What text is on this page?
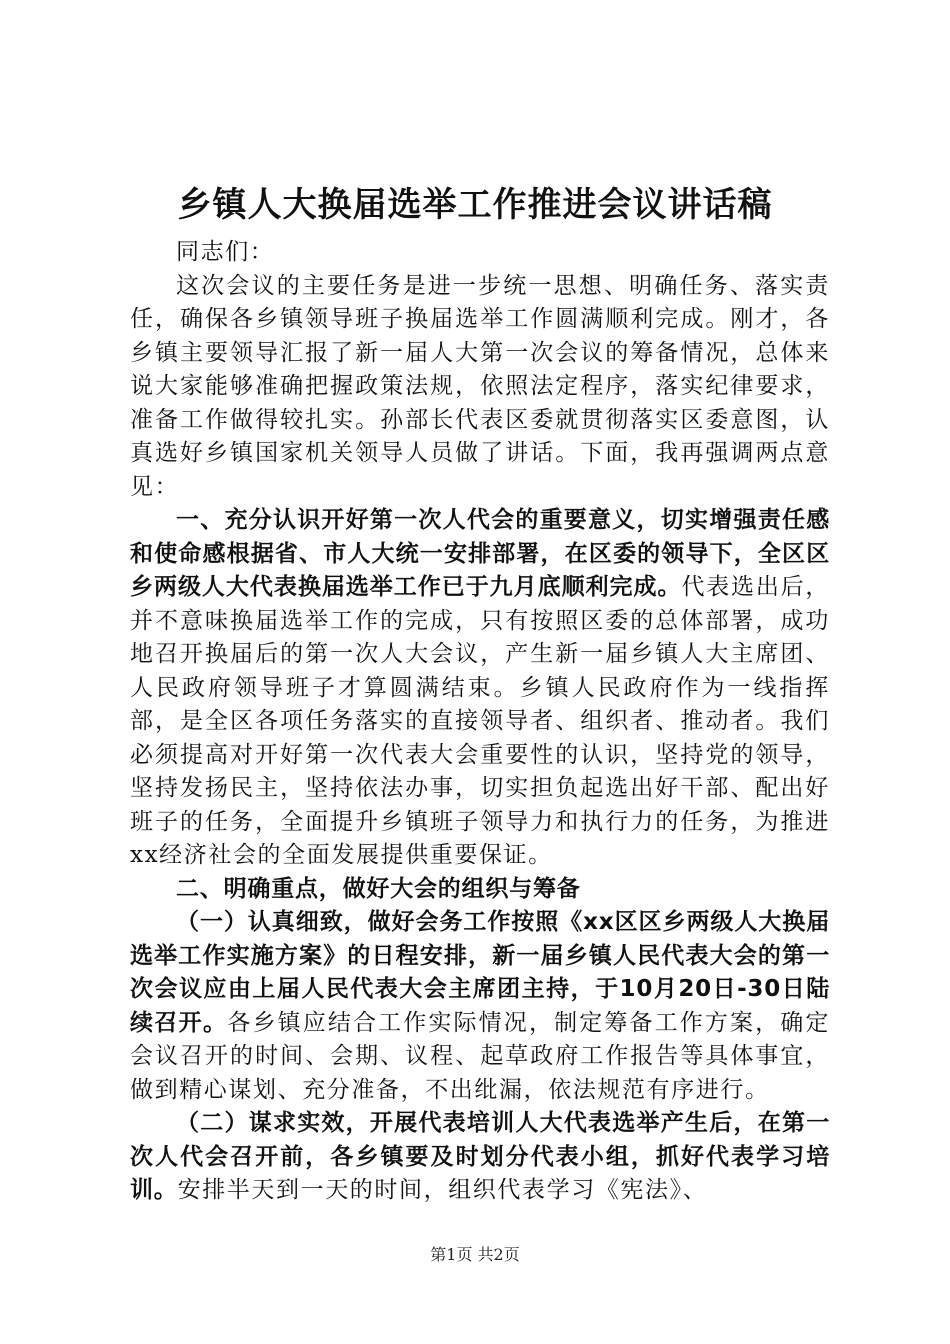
乡镇人大换届选举工作推进会议讲话稿

同志们：

这次会议的主要任务是进一步统一思想、明确任务、落实责任，确保各乡镇领导班子换届选举工作圆满顺利完成。刚才，各乡镇主要领导汇报了新一届人大第一次会议的筹备情况，总体来说大家能够准确把握政策法规，依照法定程序，落实纪律要求，准备工作做得较扎实。孙部长代表区委就贯彻落实区委意图，认真选好乡镇国家机关领导人员做了讲话。下面，我再强调两点意见：

一、充分认识开好第一次人代会的重要意义，切实增强责任感和使命感根据省、市人大统一安排部署，在区委的领导下，全区区乡两级人大代表换届选举工作已于九月底顺利完成。代表选出后，并不意味换届选举工作的完成，只有按照区委的总体部署，成功地召开换届后的第一次人大会议，产生新一届乡镇人大主席团、人民政府领导班子才算圆满结束。乡镇人民政府作为一线指挥部，是全区各项任务落实的直接领导者、组织者、推动者。我们必须提高对开好第一次代表大会重要性的认识，坚持党的领导，坚持发扬民主，坚持依法办事，切实担负起选出好干部、配出好班子的任务，全面提升乡镇班子领导力和执行力的任务，为推进xx经济社会的全面发展提供重要保证。

二、明确重点，做好大会的组织与筹备

（一）认真细致，做好会务工作按照《xx区区乡两级人大换届选举工作实施方案》的日程安排，新一届乡镇人民代表大会的第一次会议应由上届人民代表大会主席团主持，于10月20日-30日陆续召开。各乡镇应结合工作实际情况，制定筹备工作方案，确定会议召开的时间、会期、议程、起草政府工作报告等具体事宜，做到精心谋划、充分准备，不出纰漏，依法规范有序进行。

（二）谋求实效，开展代表培训人大代表选举产生后，在第一次人代会召开前，各乡镇要及时划分代表小组，抓好代表学习培训。安排半天到一天的时间，组织代表学习《宪法》、

第1页 共2页
